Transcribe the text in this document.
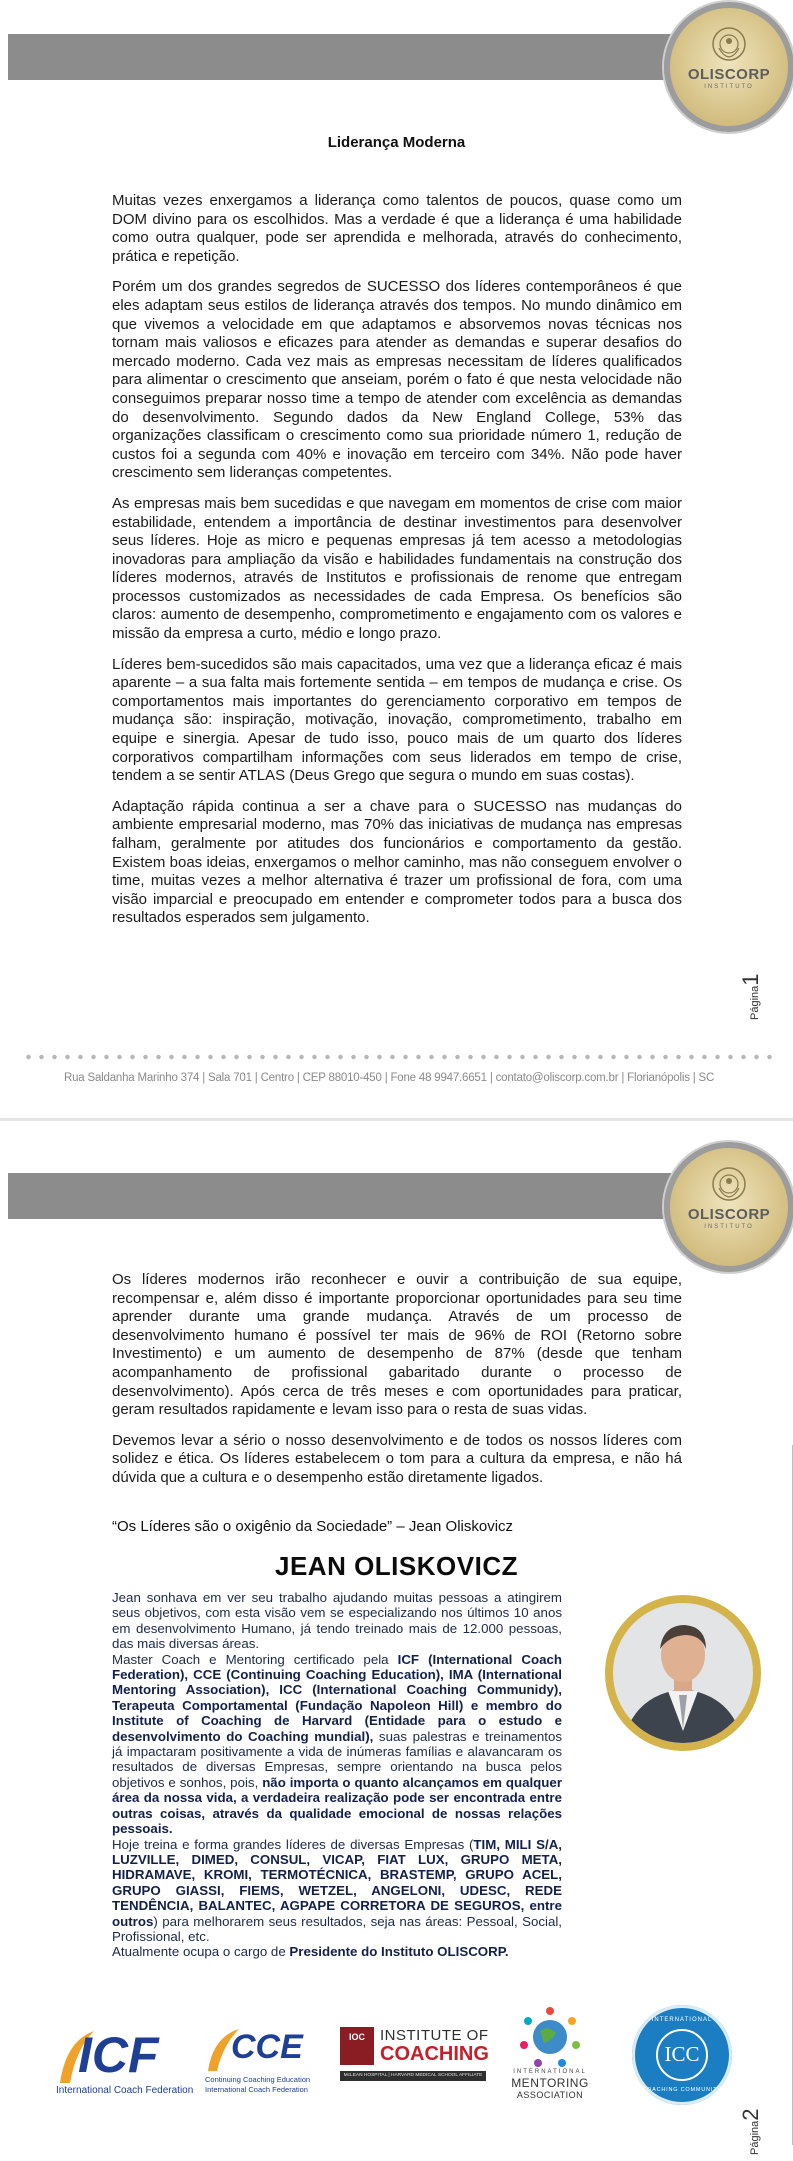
OLISCORP
INSTITUTO
Liderança Moderna

Muitas vezes enxergamos a liderança como talentos de poucos, quase como um DOM divino para os escolhidos. Mas a verdade é que a liderança é uma habilidade como outra qualquer, pode ser aprendida e melhorada, através do conhecimento, prática e repetição.

Porém um dos grandes segredos de SUCESSO dos líderes contemporâneos é que eles adaptam seus estilos de liderança através dos tempos. No mundo dinâmico em que vivemos a velocidade em que adaptamos e absorvemos novas técnicas nos tornam mais valiosos e eficazes para atender as demandas e superar desafios do mercado moderno. Cada vez mais as empresas necessitam de líderes qualificados para alimentar o crescimento que anseiam, porém o fato é que nesta velocidade não conseguimos preparar nosso time a tempo de atender com excelência as demandas do desenvolvimento. Segundo dados da New England College, 53% das organizações classificam o crescimento como sua prioridade número 1, redução de custos foi a segunda com 40% e inovação em terceiro com 34%. Não pode haver crescimento sem lideranças competentes.

As empresas mais bem sucedidas e que navegam em momentos de crise com maior estabilidade, entendem a importância de destinar investimentos para desenvolver seus líderes. Hoje as micro e pequenas empresas já tem acesso a metodologias inovadoras para ampliação da visão e habilidades fundamentais na construção dos líderes modernos, através de Institutos e profissionais de renome que entregam processos customizados as necessidades de cada Empresa. Os benefícios são claros: aumento de desempenho, comprometimento e engajamento com os valores e missão da empresa a curto, médio e longo prazo.

Líderes bem-sucedidos são mais capacitados, uma vez que a liderança eficaz é mais aparente – a sua falta mais fortemente sentida – em tempos de mudança e crise. Os comportamentos mais importantes do gerenciamento corporativo em tempos de mudança são: inspiração, motivação, inovação, comprometimento, trabalho em equipe e sinergia. Apesar de tudo isso, pouco mais de um quarto dos líderes corporativos compartilham informações com seus liderados em tempo de crise, tendem a se sentir ATLAS (Deus Grego que segura o mundo em suas costas).

Adaptação rápida continua a ser a chave para o SUCESSO nas mudanças do ambiente empresarial moderno, mas 70% das iniciativas de mudança nas empresas falham, geralmente por atitudes dos funcionários e comportamento da gestão. Existem boas ideias, enxergamos o melhor caminho, mas não conseguem envolver o time, muitas vezes a melhor alternativa é trazer um profissional de fora, com uma visão imparcial e preocupado em entender e comprometer todos para a busca dos resultados esperados sem julgamento.

Página1
Rua Saldanha Marinho 374 | Sala 701 | Centro | CEP 88010-450 | Fone 48 9947.6651 | contato@oliscorp.com.br | Florianópolis | SC
OLISCORP
INSTITUTO

Os líderes modernos irão reconhecer e ouvir a contribuição de sua equipe, recompensar e, além disso é importante proporcionar oportunidades para seu time aprender durante uma grande mudança. Através de um processo de desenvolvimento humano é possível ter mais de 96% de ROI (Retorno sobre Investimento) e um aumento de desempenho de 87% (desde que tenham acompanhamento de profissional gabaritado durante o processo de desenvolvimento). Após cerca de três meses e com oportunidades para praticar, geram resultados rapidamente e levam isso para o resta de suas vidas.

Devemos levar a sério o nosso desenvolvimento e de todos os nossos líderes com solidez e ética. Os líderes estabelecem o tom para a cultura da empresa, e não há dúvida que a cultura e o desempenho estão diretamente ligados.

“Os Líderes são o oxigênio da Sociedade” – Jean Oliskovicz
JEAN OLISKOVICZ

Jean sonhava em ver seu trabalho ajudando muitas pessoas a atingirem seus objetivos, com esta visão vem se especializando nos últimos 10 anos em desenvolvimento Humano, já tendo treinado mais de 12.000 pessoas, das mais diversas áreas.

Master Coach e Mentoring certificado pela ICF (International Coach Federation), CCE (Continuing Coaching Education), IMA (International Mentoring Association), ICC (International Coaching Communidy), Terapeuta Comportamental (Fundação Napoleon Hill) e membro do Institute of Coaching de Harvard (Entidade para o estudo e desenvolvimento do Coaching mundial), suas palestras e treinamentos já impactaram positivamente a vida de inúmeras famílias e alavancaram os resultados de diversas Empresas, sempre orientando na busca pelos objetivos e sonhos, pois, não importa o quanto alcançamos em qualquer área da nossa vida, a verdadeira realização pode ser encontrada entre outras coisas, através da qualidade emocional de nossas relações pessoais.

Hoje treina e forma grandes líderes de diversas Empresas (TIM, MILI S/A, LUZVILLE, DIMED, CONSUL, VICAP, FIAT LUX, GRUPO META, HIDRAMAVE, KROMI, TERMOTÉCNICA, BRASTEMP, GRUPO ACEL, GRUPO GIASSI, FIEMS, WETZEL, ANGELONI, UDESC, REDE TENDÊNCIA, BALANTEC, AGPAPE CORRETORA DE SEGUROS, entre outros) para melhorarem seus resultados, seja nas áreas: Pessoal, Social, Profissional, etc.

Atualmente ocupa o cargo de Presidente do Instituto OLISCORP.

ICF
International Coach Federation
CCE
Continuing Coaching Education
International Coach Federation
IOC	INSTITUTE OF
COACHING
McLEAN HOSPITAL | HARVARD MEDICAL SCHOOL AFFILIATE
INTERNATIONAL
MENTORING
ASSOCIATION
INTERNATIONAL
ICC
COACHING COMMUNITY
Página2
